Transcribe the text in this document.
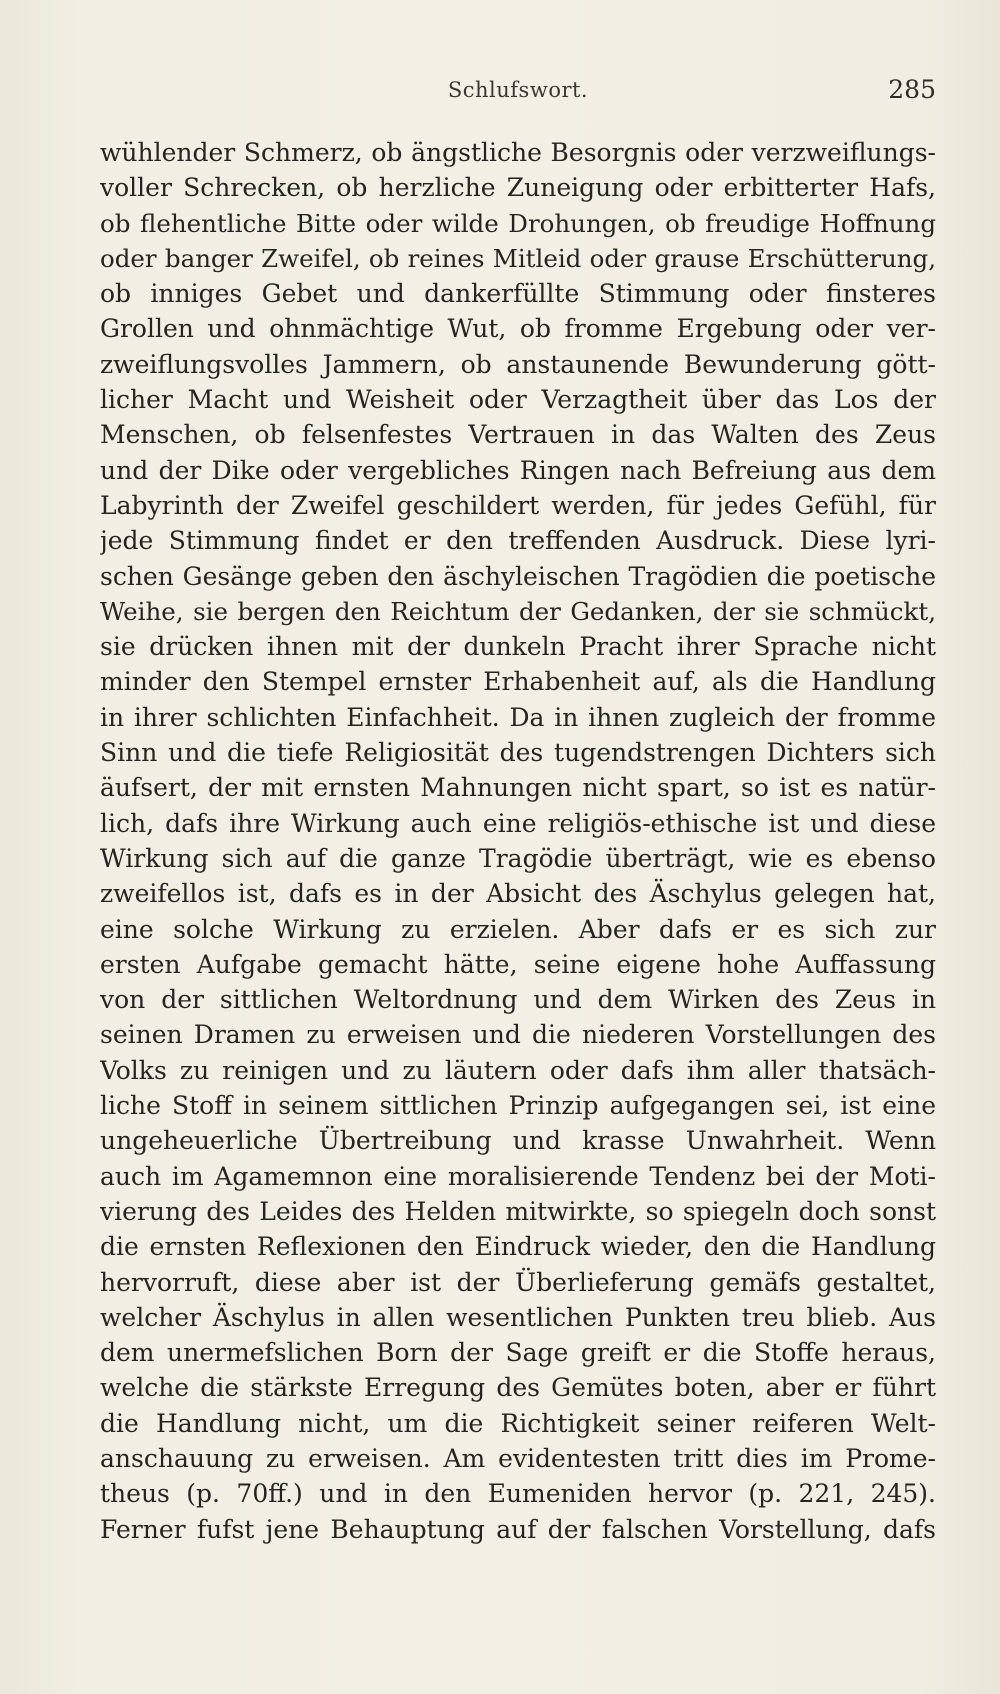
Schlufswort.	285
wühlender Schmerz, ob ängstliche Besorgnis oder verzweiflungs-
voller Schrecken, ob herzliche Zuneigung oder erbitterter Hafs,
ob flehentliche Bitte oder wilde Drohungen, ob freudige Hoffnung
oder banger Zweifel, ob reines Mitleid oder grause Erschütterung,
ob inniges Gebet und dankerfüllte Stimmung oder finsteres
Grollen und ohnmächtige Wut, ob fromme Ergebung oder ver-
zweiflungsvolles Jammern, ob anstaunende Bewunderung gött-
licher Macht und Weisheit oder Verzagtheit über das Los der
Menschen, ob felsenfestes Vertrauen in das Walten des Zeus
und der Dike oder vergebliches Ringen nach Befreiung aus dem
Labyrinth der Zweifel geschildert werden, für jedes Gefühl, für
jede Stimmung findet er den treffenden Ausdruck. Diese lyri-
schen Gesänge geben den äschyleischen Tragödien die poetische
Weihe, sie bergen den Reichtum der Gedanken, der sie schmückt,
sie drücken ihnen mit der dunkeln Pracht ihrer Sprache nicht
minder den Stempel ernster Erhabenheit auf, als die Handlung
in ihrer schlichten Einfachheit. Da in ihnen zugleich der fromme
Sinn und die tiefe Religiosität des tugendstrengen Dichters sich
äufsert, der mit ernsten Mahnungen nicht spart, so ist es natür-
lich, dafs ihre Wirkung auch eine religiös-ethische ist und diese
Wirkung sich auf die ganze Tragödie überträgt, wie es ebenso
zweifellos ist, dafs es in der Absicht des Äschylus gelegen hat,
eine solche Wirkung zu erzielen. Aber dafs er es sich zur
ersten Aufgabe gemacht hätte, seine eigene hohe Auffassung
von der sittlichen Weltordnung und dem Wirken des Zeus in
seinen Dramen zu erweisen und die niederen Vorstellungen des
Volks zu reinigen und zu läutern oder dafs ihm aller thatsäch-
liche Stoff in seinem sittlichen Prinzip aufgegangen sei, ist eine
ungeheuerliche Übertreibung und krasse Unwahrheit. Wenn
auch im Agamemnon eine moralisierende Tendenz bei der Moti-
vierung des Leides des Helden mitwirkte, so spiegeln doch sonst
die ernsten Reflexionen den Eindruck wieder, den die Handlung
hervorruft, diese aber ist der Überlieferung gemäfs gestaltet,
welcher Äschylus in allen wesentlichen Punkten treu blieb. Aus
dem unermefslichen Born der Sage greift er die Stoffe heraus,
welche die stärkste Erregung des Gemütes boten, aber er führt
die Handlung nicht, um die Richtigkeit seiner reiferen Welt-
anschauung zu erweisen. Am evidentesten tritt dies im Prome-
theus (p. 70ff.) und in den Eumeniden hervor (p. 221, 245).
Ferner fufst jene Behauptung auf der falschen Vorstellung, dafs
